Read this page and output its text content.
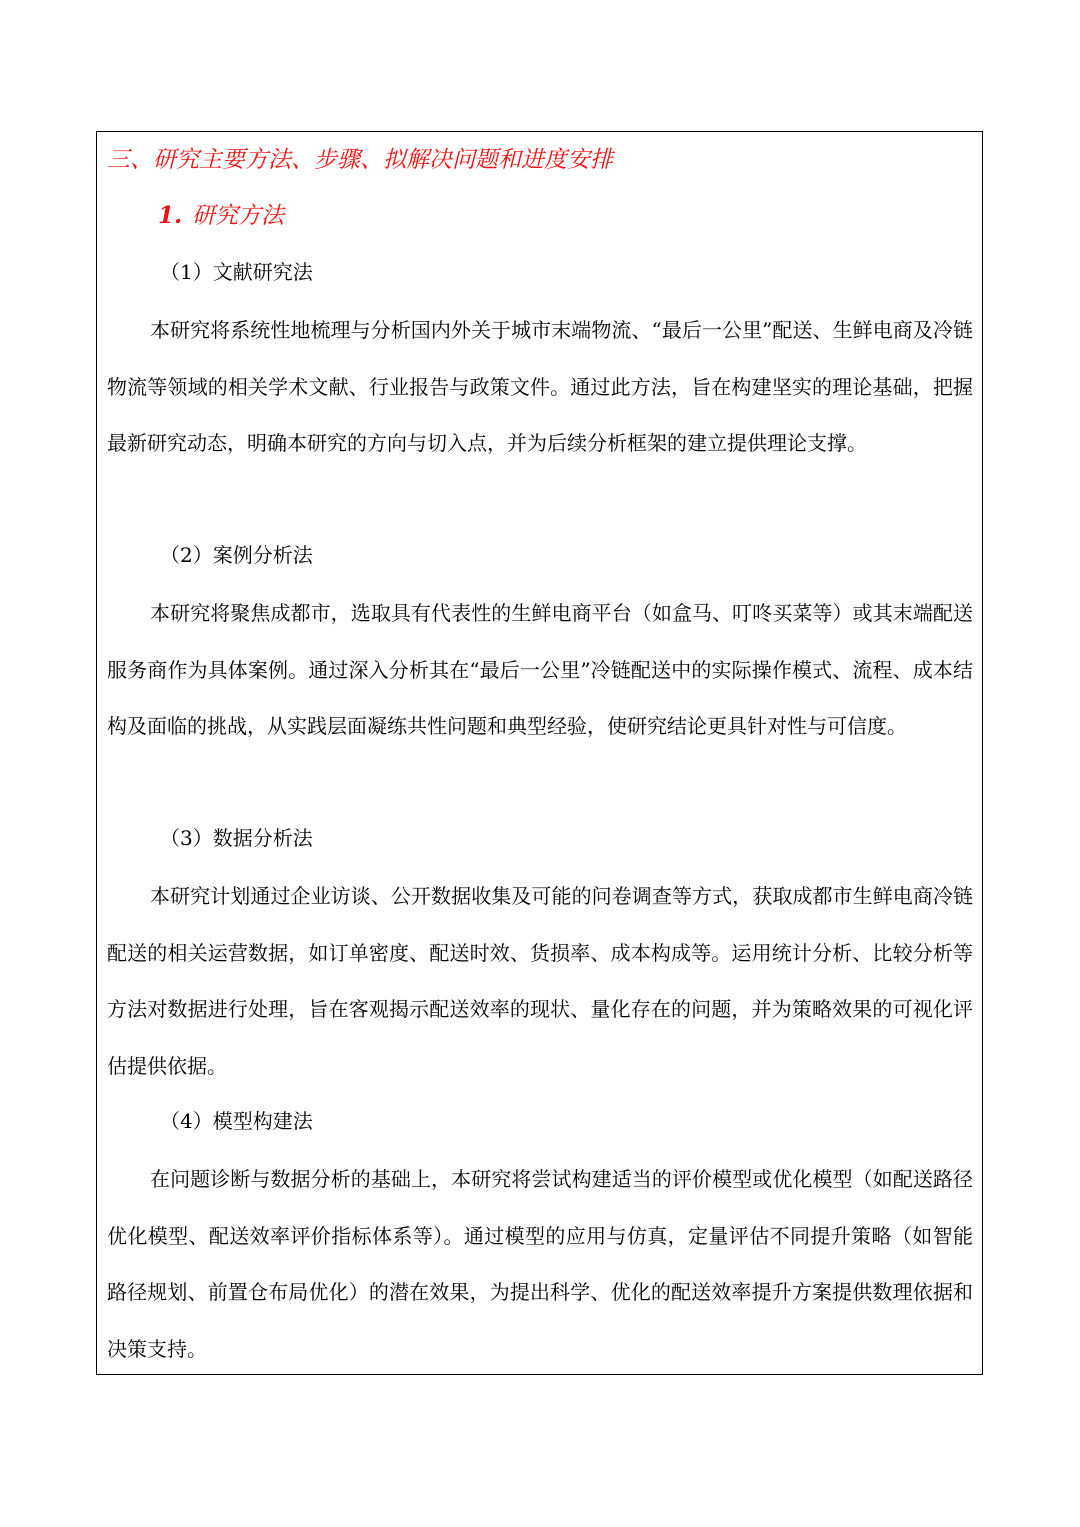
三、研究主要方法、步骤、拟解决问题和进度安排
1. 研究方法
（1）文献研究法

本研究将系统性地梳理与分析国内外关于城市末端物流、“最后一公里”配送、生鲜电商及冷链物流等领域的相关学术文献、行业报告与政策文件。通过此方法，旨在构建坚实的理论基础，把握最新研究动态，明确本研究的方向与切入点，并为后续分析框架的建立提供理论支撑。

（2）案例分析法

本研究将聚焦成都市，选取具有代表性的生鲜电商平台（如盒马、叮咚买菜等）或其末端配送服务商作为具体案例。通过深入分析其在“最后一公里”冷链配送中的实际操作模式、流程、成本结构及面临的挑战，从实践层面凝练共性问题和典型经验，使研究结论更具针对性与可信度。

（3）数据分析法

本研究计划通过企业访谈、公开数据收集及可能的问卷调查等方式，获取成都市生鲜电商冷链配送的相关运营数据，如订单密度、配送时效、货损率、成本构成等。运用统计分析、比较分析等方法对数据进行处理，旨在客观揭示配送效率的现状、量化存在的问题，并为策略效果的可视化评估提供依据。

（4）模型构建法

在问题诊断与数据分析的基础上，本研究将尝试构建适当的评价模型或优化模型（如配送路径优化模型、配送效率评价指标体系等）。通过模型的应用与仿真，定量评估不同提升策略（如智能路径规划、前置仓布局优化）的潜在效果，为提出科学、优化的配送效率提升方案提供数理依据和决策支持。
